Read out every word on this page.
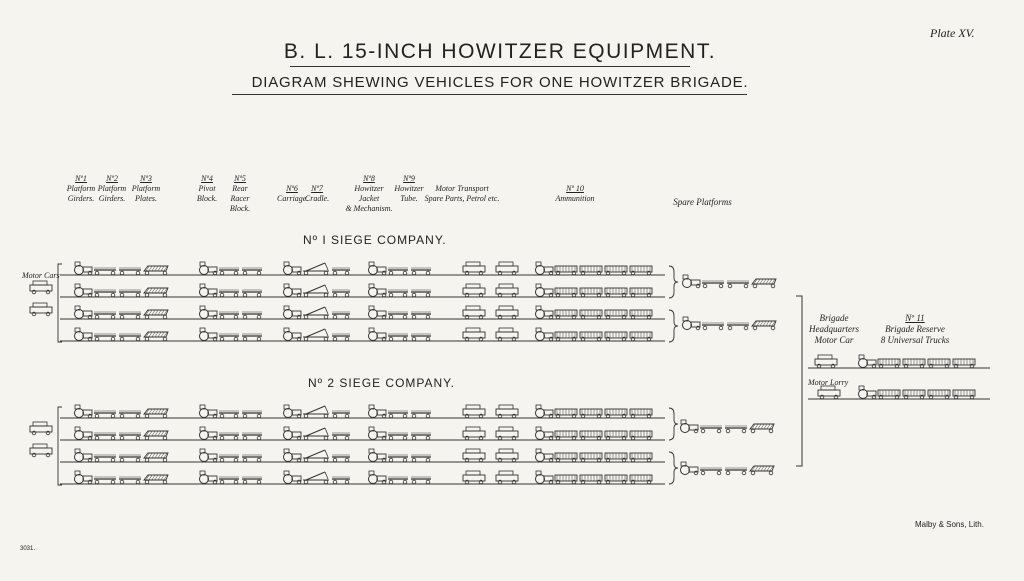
Plate XV.
B. L. 15-INCH HOWITZER EQUIPMENT.
DIAGRAM SHEWING VEHICLES FOR ONE HOWITZER BRIGADE.
Nº1
Platform
Girders.
Nº2
Platform
Girders.
Nº3
Platform
Plates.
Nº4
Pivot
Block.
Nº5
Rear
Racer Block.
Nº6
Carriage.
Nº7
Cradle.
Nº8
Howitzer Jacket
& Mechanism.
Nº9
Howitzer
Tube.
Motor Transport
Spare Parts, Petrol etc.
Nº 10
Ammunition	Spare Platforms
Nº I SIEGE COMPANY.
Nº 2 SIEGE COMPANY.
Motor Cars
Brigade
Headquarters
Motor Car
Nº 11
Brigade Reserve
8 Universal Trucks
Motor Lorry
Malby & Sons, Lith.
3031.
